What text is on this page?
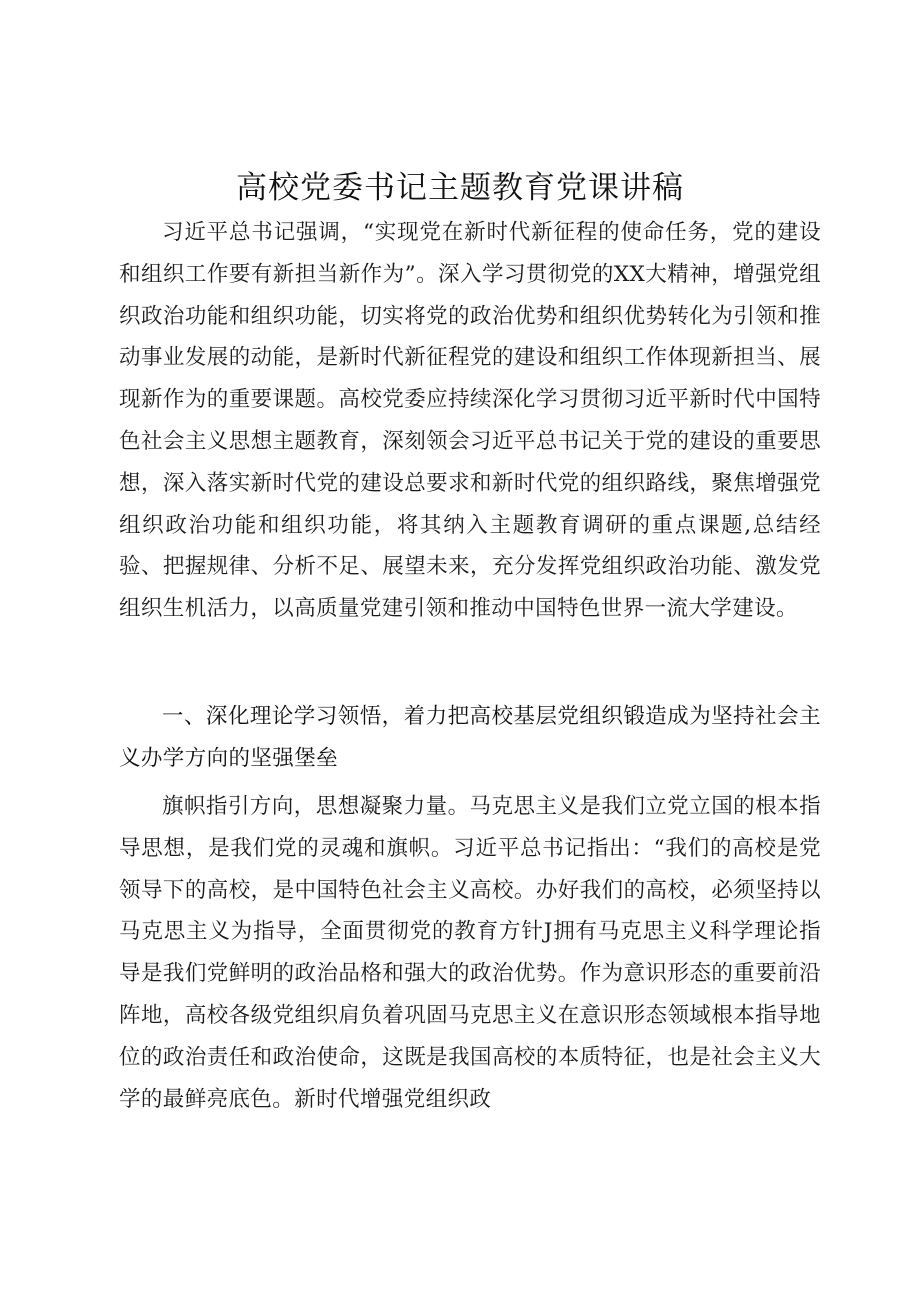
高校党委书记主题教育党课讲稿

习近平总书记强调，“实现党在新时代新征程的使命任务，党的建设和组织工作要有新担当新作为”。深入学习贯彻党的XX大精神，增强党组织政治功能和组织功能，切实将党的政治优势和组织优势转化为引领和推动事业发展的动能，是新时代新征程党的建设和组织工作体现新担当、展现新作为的重要课题。高校党委应持续深化学习贯彻习近平新时代中国特色社会主义思想主题教育，深刻领会习近平总书记关于党的建设的重要思想，深入落实新时代党的建设总要求和新时代党的组织路线，聚焦增强党组织政治功能和组织功能，将其纳入主题教育调研的重点课题,总结经验、把握规律、分析不足、展望未来，充分发挥党组织政治功能、激发党组织生机活力，以高质量党建引领和推动中国特色世界一流大学建设。

一、深化理论学习领悟，着力把高校基层党组织锻造成为坚持社会主义办学方向的坚强堡垒

旗帜指引方向，思想凝聚力量。马克思主义是我们立党立国的根本指导思想，是我们党的灵魂和旗帜。习近平总书记指出：“我们的高校是党领导下的高校，是中国特色社会主义高校。办好我们的高校，必须坚持以马克思主义为指导，全面贯彻党的教育方针J拥有马克思主义科学理论指导是我们党鲜明的政治品格和强大的政治优势。作为意识形态的重要前沿阵地，高校各级党组织肩负着巩固马克思主义在意识形态领域根本指导地位的政治责任和政治使命，这既是我国高校的本质特征，也是社会主义大学的最鲜亮底色。新时代增强党组织政
